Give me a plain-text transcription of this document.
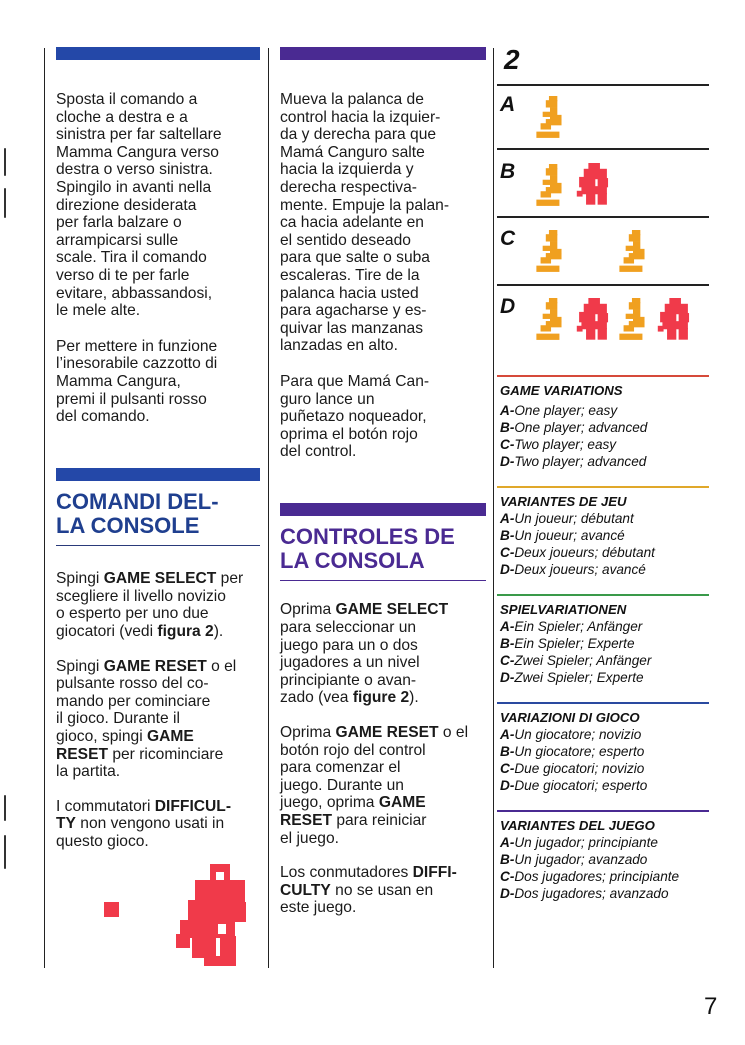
Sposta il comando a
cloche a destra e a
sinistra per far saltellare
Mamma Cangura verso
destra o verso sinistra.
Spingilo in avanti nella
direzione desiderata
per farla balzare o
arrampicarsi sulle
scale. Tira il comando
verso di te per farle
evitare, abbassandosi,
le mele alte.

Per mettere in funzione
l’inesorabile cazzotto di
Mamma Cangura,
premi il pulsanti rosso
del comando.

COMANDI DEL-
LA CONSOLE

Spingi GAME SELECT per
scegliere il livello novizio
o esperto per uno due
giocatori (vedi figura 2).

Spingi GAME RESET o el
pulsante rosso del co-
mando per cominciare
il gioco. Durante il
gioco, spingi GAME
RESET per ricominciare
la partita.

I commutatori DIFFICUL-
TY non vengono usati in
questo gioco.

Mueva la palanca de
control hacia la izquier-
da y derecha para que
Mamá Canguro salte
hacia la izquierda y
derecha respectiva-
mente. Empuje la palan-
ca hacia adelante en
el sentido deseado
para que salte o suba
escaleras. Tire de la
palanca hacia usted
para agacharse y es-
quivar las manzanas
lanzadas en alto.

Para que Mamá Can-
guro lance un
puñetazo noqueador,
oprima el botón rojo
del control.

CONTROLES DE
LA CONSOLA

Oprima GAME SELECT
para seleccionar un
juego para un o dos
jugadores a un nivel
principiante o avan-
zado (vea figure 2).

Oprima GAME RESET o el
botón rojo del control
para comenzar el
juego. Durante un
juego, oprima GAME
RESET para reiniciar
el juego.

Los conmutadores DIFFI-
CULTY no se usan en
este juego.

2
A
B
C
D
GAME VARIATIONS
A-One player; easy
B-One player; advanced
C-Two player; easy
D-Two player; advanced
VARIANTES DE JEU
A-Un joueur; débutant
B-Un joueur; avancé
C-Deux joueurs; débutant
D-Deux joueurs; avancé
SPIELVARIATIONEN
A-Ein Spieler; Anfänger
B-Ein Spieler; Experte
C-Zwei Spieler; Anfänger
D-Zwei Spieler; Experte
VARIAZIONI DI GIOCO
A-Un giocatore; novizio
B-Un giocatore; esperto
C-Due giocatori; novizio
D-Due giocatori; esperto
VARIANTES DEL JUEGO
A-Un jugador; principiante
B-Un jugador; avanzado
C-Dos jugadores; principiante
D-Dos jugadores; avanzado
7
